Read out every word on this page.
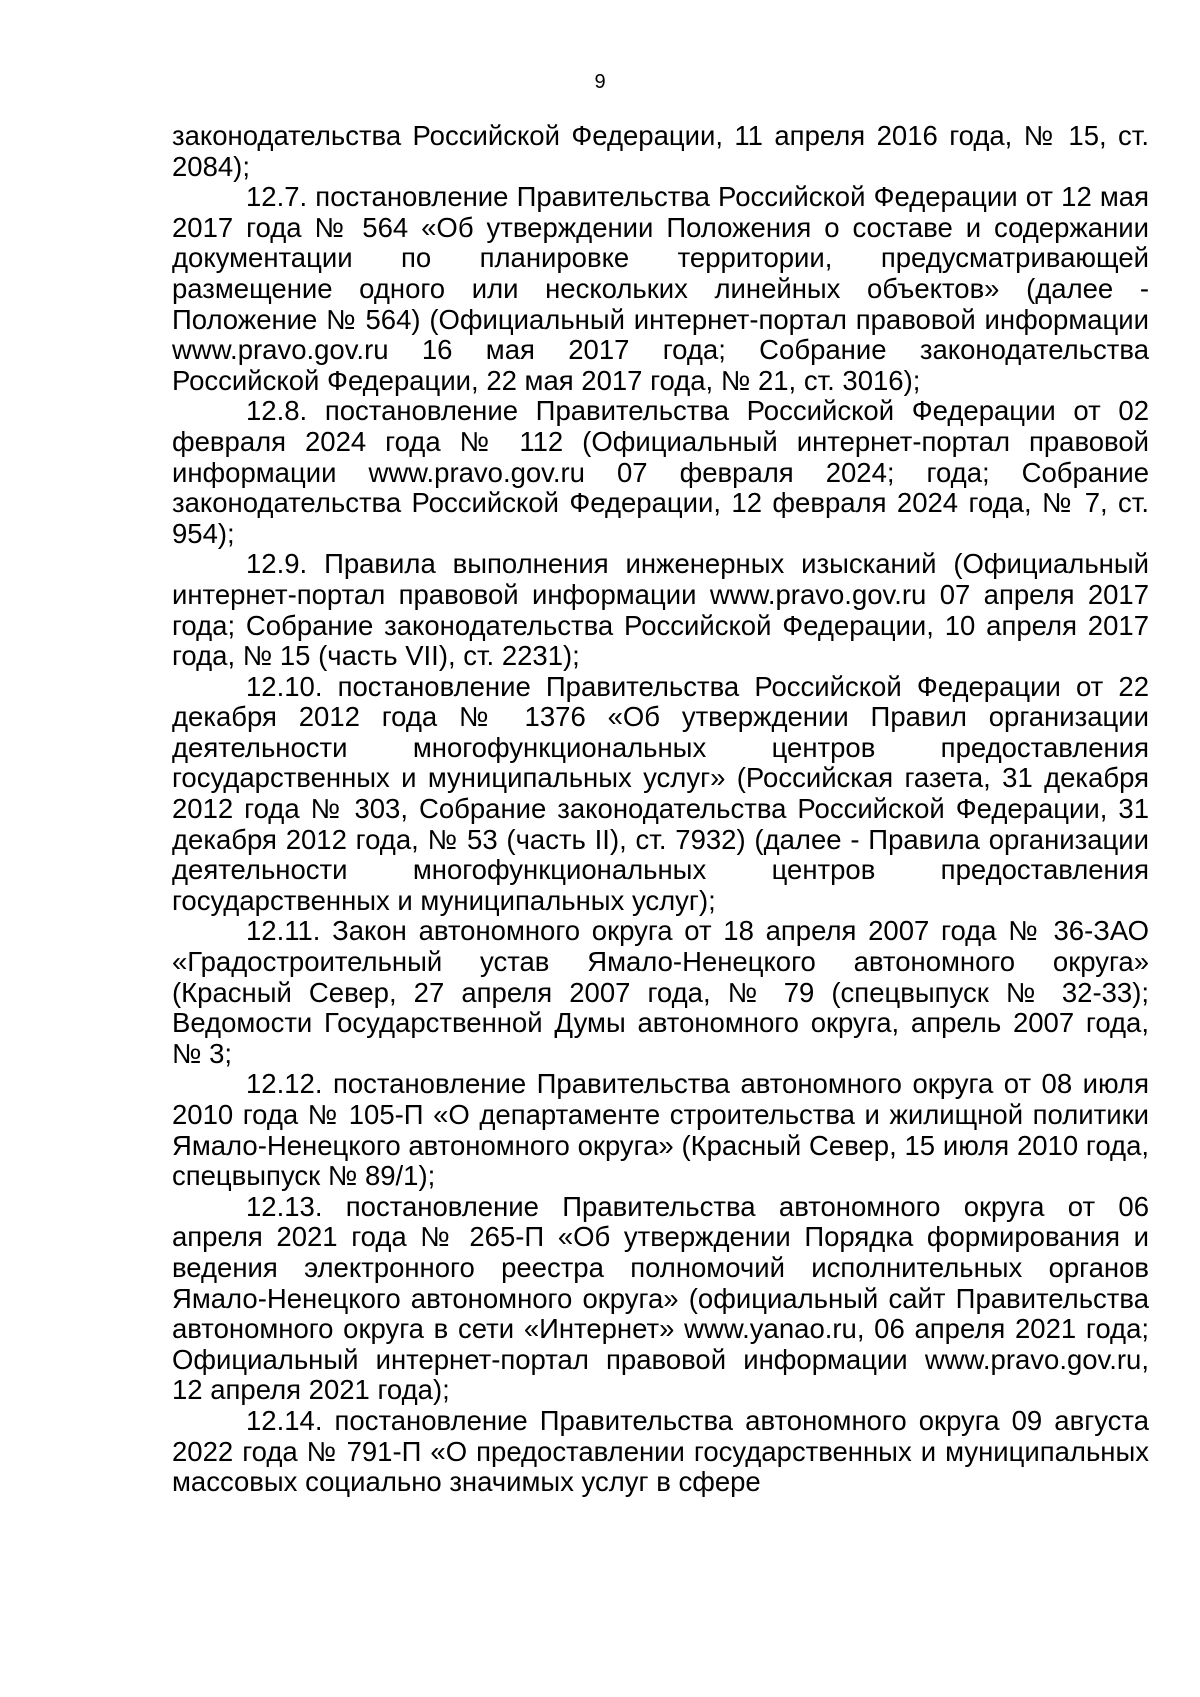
9

законодательства Российской Федерации, 11 апреля 2016 года, № 15, ст. 2084);

12.7. постановление Правительства Российской Федерации от 12 мая 2017 года № 564 «Об утверждении Положения о составе и содержании документации по планировке территории, предусматривающей размещение одного или нескольких линейных объектов» (далее - Положение № 564) (Официальный интернет-портал правовой информации www.pravo.gov.ru 16 мая 2017 года; Собрание законодательства Российской Федерации, 22 мая 2017 года, № 21, ст. 3016);

12.8. постановление Правительства Российской Федерации от 02 февраля 2024 года № 112 (Официальный интернет-портал правовой информации www.pravo.gov.ru 07 февраля 2024; года; Собрание законодательства Российской Федерации, 12 февраля 2024 года, № 7, ст. 954);

12.9. Правила выполнения инженерных изысканий (Официальный интернет-портал правовой информации www.pravo.gov.ru 07 апреля 2017 года; Собрание законодательства Российской Федерации, 10 апреля 2017 года, № 15 (часть VII), ст. 2231);

12.10. постановление Правительства Российской Федерации от 22 декабря 2012 года № 1376 «Об утверждении Правил организации деятельности многофункциональных центров предоставления государственных и муниципальных услуг» (Российская газета, 31 декабря 2012 года № 303, Собрание законодательства Российской Федерации, 31 декабря 2012 года, № 53 (часть II), ст. 7932) (далее - Правила организации деятельности многофункциональных центров предоставления государственных и муниципальных услуг);

12.11. Закон автономного округа от 18 апреля 2007 года № 36-ЗАО «Градостроительный устав Ямало-Ненецкого автономного округа» (Красный Север, 27 апреля 2007 года, № 79 (спецвыпуск № 32-33); Ведомости Государственной Думы автономного округа, апрель 2007 года, № 3;

12.12. постановление Правительства автономного округа от 08 июля 2010 года № 105-П «О департаменте строительства и жилищной политики Ямало-Ненецкого автономного округа» (Красный Север, 15 июля 2010 года, спецвыпуск № 89/1);

12.13. постановление Правительства автономного округа от 06 апреля 2021 года № 265-П «Об утверждении Порядка формирования и ведения электронного реестра полномочий исполнительных органов Ямало-Ненецкого автономного округа» (официальный сайт Правительства автономного округа в сети «Интернет» www.yanao.ru, 06 апреля 2021 года; Официальный интернет-портал правовой информации www.pravo.gov.ru, 12 апреля 2021 года);

12.14. постановление Правительства автономного округа 09 августа 2022 года № 791-П «О предоставлении государственных и муниципальных массовых социально значимых услуг в сфере
